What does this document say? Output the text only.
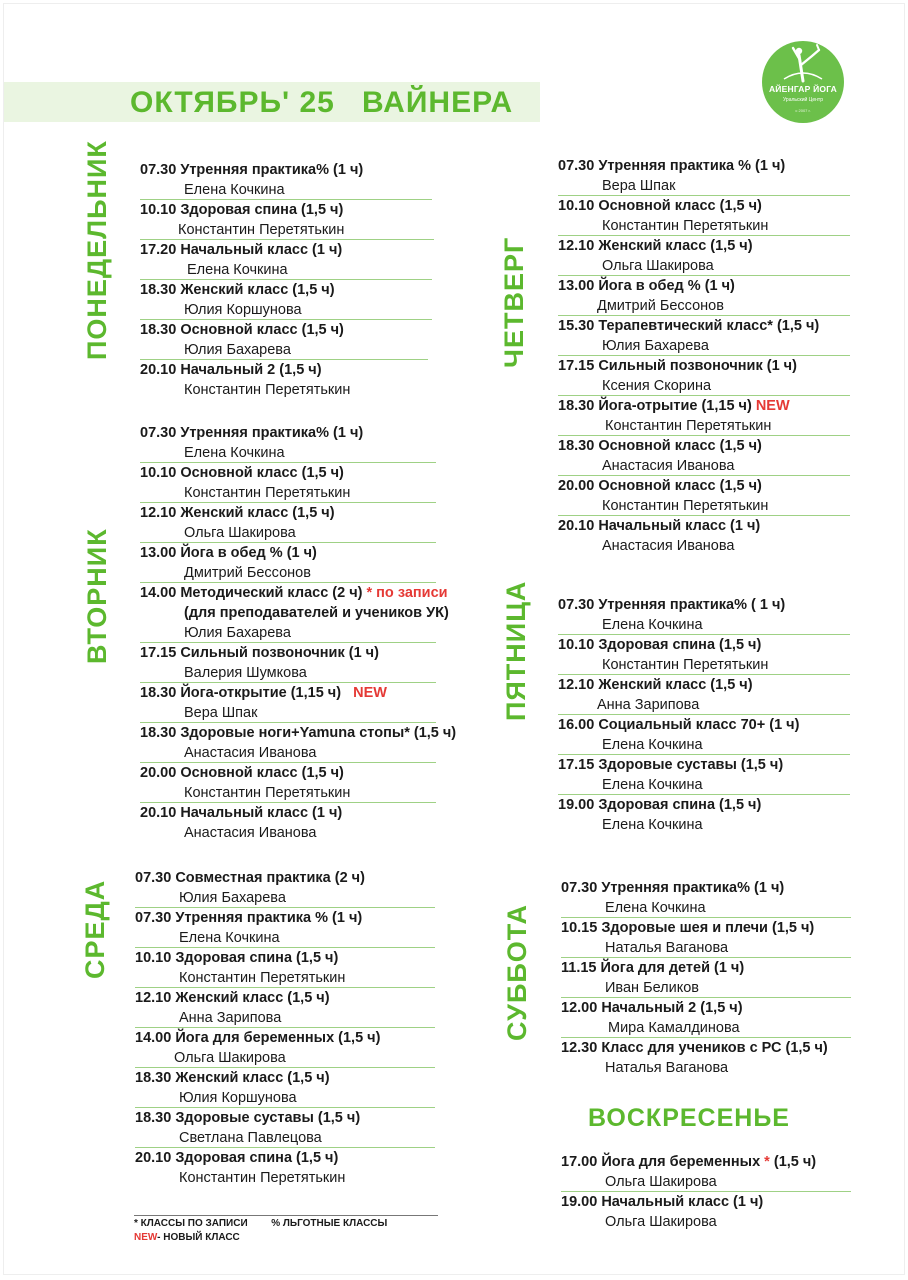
ОКТЯБРЬ' 25

ВАЙНЕРА	АЙЕНГАР ЙОГА
Уральский Центр
с 2007 г.
ПОНЕДЕЛЬНИК
ВТОРНИК
СРЕДА
ЧЕТВЕРГ
ПЯТНИЦА
СУББОТА
07.30 Утренняя практика% (1 ч)
Елена Кочкина
10.10 Здоровая спина (1,5 ч)
Константин Перетятькин
17.20 Начальный класс (1 ч)
Елена Кочкина
18.30 Женский класс (1,5 ч)
Юлия Коршунова
18.30 Основной класс (1,5 ч)
Юлия Бахарева
20.10 Начальный 2 (1,5 ч)
Константин Перетятькин
07.30 Утренняя практика% (1 ч)
Елена Кочкина
10.10 Основной класс (1,5 ч)
Константин Перетятькин
12.10 Женский класс (1,5 ч)
Ольга Шакирова
13.00 Йога в обед % (1 ч)
Дмитрий Бессонов
14.00 Методический класс (2 ч) * по записи
(для преподавателей и учеников УК)
Юлия Бахарева
17.15 Сильный позвоночник (1 ч)
Валерия Шумкова
18.30 Йога-открытие (1,15 ч) NEW
Вера Шпак
18.30 Здоровые ноги+Yamuna стопы* (1,5 ч)
Анастасия Иванова
20.00 Основной класс (1,5 ч)
Константин Перетятькин
20.10 Начальный класс (1 ч)
Анастасия Иванова
07.30 Совместная практика (2 ч)
Юлия Бахарева
07.30 Утренняя практика % (1 ч)
Елена Кочкина
10.10 Здоровая спина (1,5 ч)
Константин Перетятькин
12.10 Женский класс (1,5 ч)
Анна Зарипова
14.00 Йога для беременных (1,5 ч)
Ольга Шакирова
18.30 Женский класс (1,5 ч)
Юлия Коршунова
18.30 Здоровые суставы (1,5 ч)
Светлана Павлецова
20.10 Здоровая спина (1,5 ч)
Константин Перетятькин
07.30 Утренняя практика % (1 ч)
Вера Шпак
10.10 Основной класс (1,5 ч)
Константин Перетятькин
12.10 Женский класс (1,5 ч)
Ольга Шакирова
13.00 Йога в обед % (1 ч)
Дмитрий Бессонов
15.30 Терапевтический класс* (1,5 ч)
Юлия Бахарева
17.15 Сильный позвоночник (1 ч)
Ксения Скорина
18.30 Йога-отрытие (1,15 ч) NEW
Константин Перетятькин
18.30 Основной класс (1,5 ч)
Анастасия Иванова
20.00 Основной класс (1,5 ч)
Константин Перетятькин
20.10 Начальный класс (1 ч)
Анастасия Иванова
07.30 Утренняя практика% ( 1 ч)
Елена Кочкина
10.10 Здоровая спина (1,5 ч)
Константин Перетятькин
12.10 Женский класс (1,5 ч)
Анна Зарипова
16.00 Социальный класс 70+ (1 ч)
Елена Кочкина
17.15 Здоровые суставы (1,5 ч)
Елена Кочкина
19.00 Здоровая спина (1,5 ч)
Елена Кочкина
07.30 Утренняя практика% (1 ч)
Елена Кочкина
10.15 Здоровые шея и плечи (1,5 ч)
Наталья Ваганова
11.15 Йога для детей (1 ч)
Иван Беликов
12.00 Начальный 2 (1,5 ч)
Мира Камалдинова
12.30 Класс для учеников с РС (1,5 ч)
Наталья Ваганова
ВОСКРЕСЕНЬЕ
17.00 Йога для беременных * (1,5 ч)
Ольга Шакирова
19.00 Начальный класс (1 ч)
Ольга Шакирова
* КЛАССЫ ПО ЗАПИСИ % ЛЬГОТНЫЕ КЛАССЫ
NEW- НОВЫЙ КЛАСС
